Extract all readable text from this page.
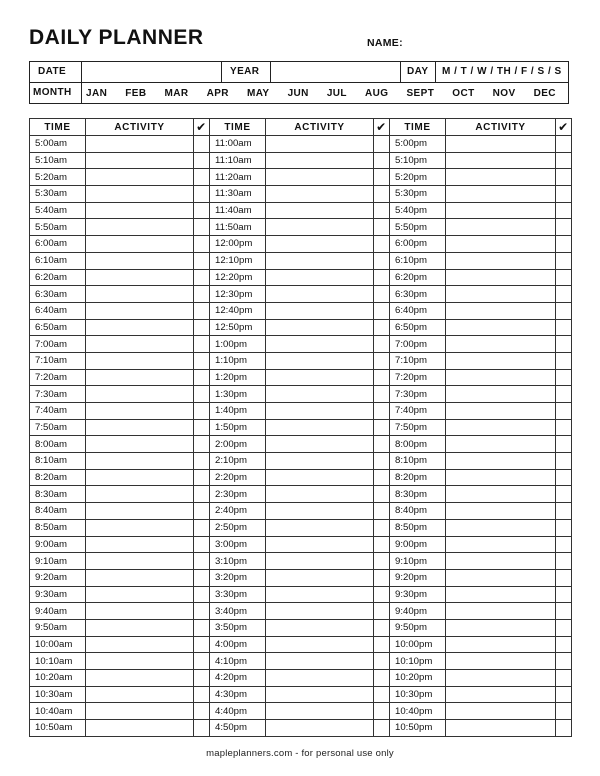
DAILY PLANNER	NAME:
DATE	YEAR	DAY M / T / W / TH / F / S / S
MONTH JAN FEB MAR APR MAY JUN JUL AUG SEPT OCT NOV DEC
TIME	ACTIVITY	✔	TIME	ACTIVITY	✔	TIME	ACTIVITY	✔
5:00am			11:00am			5:00pm		
5:10am			11:10am			5:10pm		
5:20am			11:20am			5:20pm		
5:30am			11:30am			5:30pm		
5:40am			11:40am			5:40pm		
5:50am			11:50am			5:50pm		
6:00am			12:00pm			6:00pm		
6:10am			12:10pm			6:10pm		
6:20am			12:20pm			6:20pm		
6:30am			12:30pm			6:30pm		
6:40am			12:40pm			6:40pm		
6:50am			12:50pm			6:50pm		
7:00am			1:00pm			7:00pm		
7:10am			1:10pm			7:10pm		
7:20am			1:20pm			7:20pm		
7:30am			1:30pm			7:30pm		
7:40am			1:40pm			7:40pm		
7:50am			1:50pm			7:50pm		
8:00am			2:00pm			8:00pm		
8:10am			2:10pm			8:10pm		
8:20am			2:20pm			8:20pm		
8:30am			2:30pm			8:30pm		
8:40am			2:40pm			8:40pm		
8:50am			2:50pm			8:50pm		
9:00am			3:00pm			9:00pm		
9:10am			3:10pm			9:10pm		
9:20am			3:20pm			9:20pm		
9:30am			3:30pm			9:30pm		
9:40am			3:40pm			9:40pm		
9:50am			3:50pm			9:50pm		
10:00am			4:00pm			10:00pm		
10:10am			4:10pm			10:10pm		
10:20am			4:20pm			10:20pm		
10:30am			4:30pm			10:30pm		
10:40am			4:40pm			10:40pm		
10:50am			4:50pm			10:50pm		
mapleplanners.com - for personal use only
